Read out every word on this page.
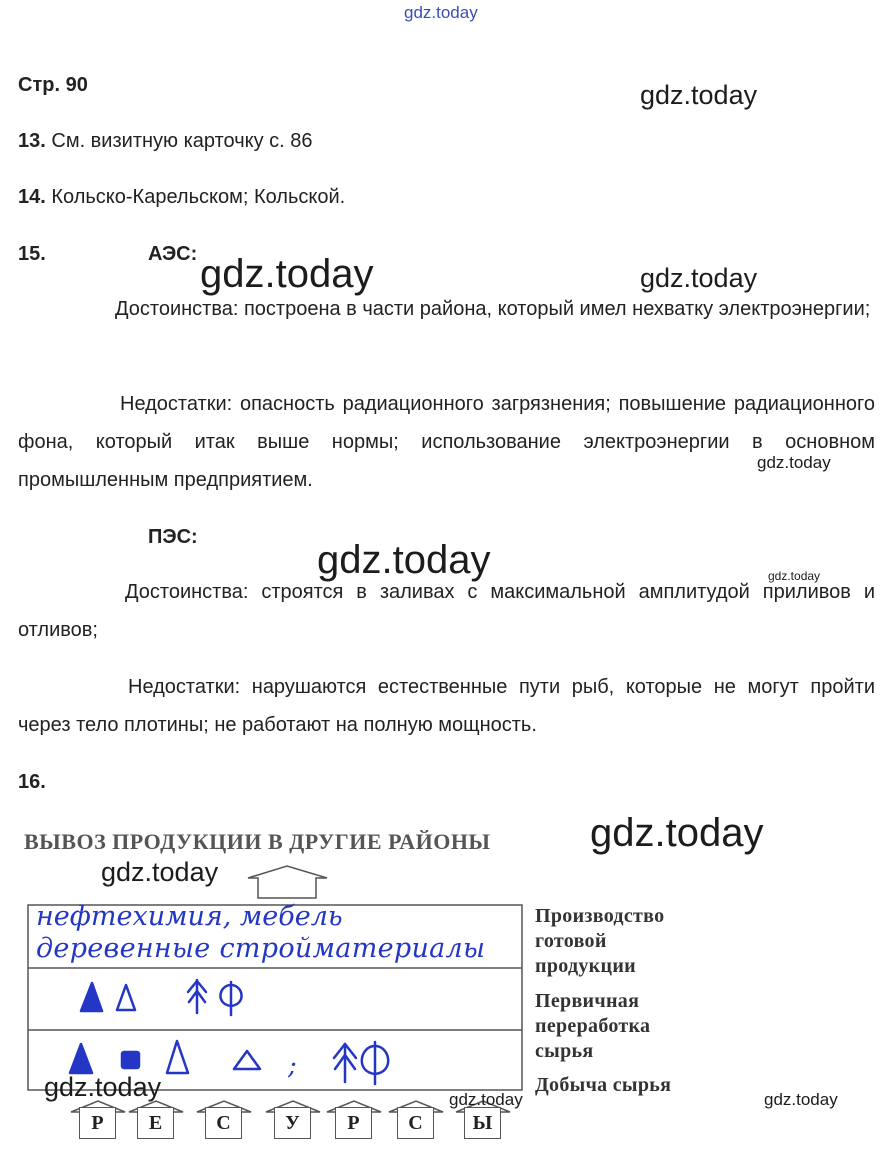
gdz.today
Стр. 90
13. См. визитную карточку с. 86
14. Кольско-Карельском; Кольской.
15.	АЭС:
Достоинства: построена в части района, который имел нехватку электроэнергии;
Недостатки: опасность радиационного загрязнения; повышение радиационного фона, который итак выше нормы; использование электроэнергии в основном промышленным предприятием.
ПЭС:
Достоинства: строятся в заливах с максимальной амплитудой приливов и отливов;
Недостатки: нарушаются естественные пути рыб, которые не могут пройти через тело плотины; не работают на полную мощность.
16.
ВЫВОЗ ПРОДУКЦИИ В ДРУГИЕ РАЙОНЫ
Производство
готовой
продукции
Первичная
переработка
сырья
Добыча сырья
нефтехимия, мебель
деревенные стройматериалы
;
Р	Е	С	У	Р	С	Ы
gdz.today
gdz.today	gdz.today
gdz.today
gdz.today	gdz.today
gdz.today
gdz.today
gdz.today	gdz.today	gdz.today
